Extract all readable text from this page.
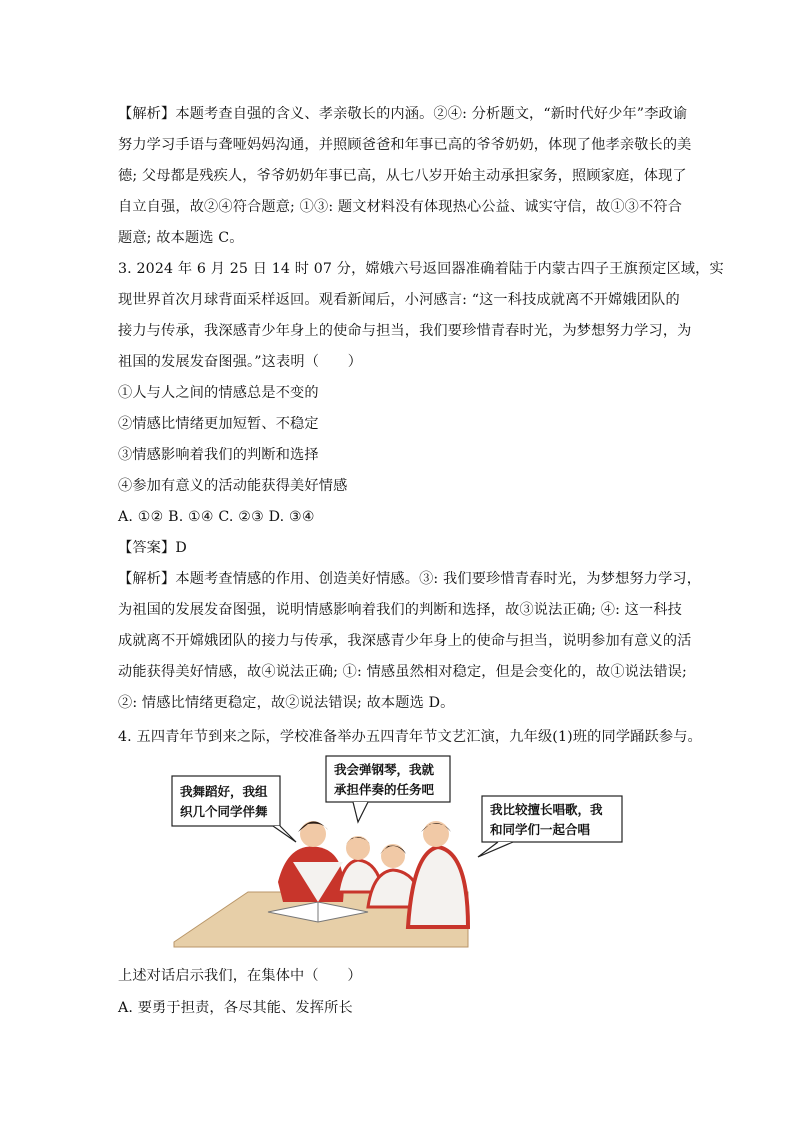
【解析】本题考查自强的含义、孝亲敬长的内涵。②④: 分析题文，“新时代好少年”李政谕
努力学习手语与聋哑妈妈沟通，并照顾爸爸和年事已高的爷爷奶奶，体现了他孝亲敬长的美
德; 父母都是残疾人，爷爷奶奶年事已高，从七八岁开始主动承担家务，照顾家庭，体现了
自立自强，故②④符合题意; ①③: 题文材料没有体现热心公益、诚实守信，故①③不符合
题意; 故本题选 C。
3. 2024 年 6 月 25 日 14 时 07 分，嫦娥六号返回器准确着陆于内蒙古四子王旗预定区域，实
现世界首次月球背面采样返回。观看新闻后，小河感言: “这一科技成就离不开嫦娥团队的
接力与传承，我深感青少年身上的使命与担当，我们要珍惜青春时光，为梦想努力学习，为
祖国的发展发奋图强。”这表明（　　）
①人与人之间的情感总是不变的
②情感比情绪更加短暂、不稳定
③情感影响着我们的判断和选择
④参加有意义的活动能获得美好情感
A. ①② B. ①④ C. ②③ D. ③④
【答案】D
【解析】本题考查情感的作用、创造美好情感。③: 我们要珍惜青春时光，为梦想努力学习，
为祖国的发展发奋图强，说明情感影响着我们的判断和选择，故③说法正确; ④: 这一科技
成就离不开嫦娥团队的接力与传承，我深感青少年身上的使命与担当，说明参加有意义的活
动能获得美好情感，故④说法正确; ①: 情感虽然相对稳定，但是会变化的，故①说法错误;
②: 情感比情绪更稳定，故②说法错误; 故本题选 D。
4. 五四青年节到来之际，学校准备举办五四青年节文艺汇演，九年级(1)班的同学踊跃参与。
上述对话启示我们，在集体中（　　）
A. 要勇于担责，各尽其能、发挥所长
我舞蹈好，我组
织几个同学伴舞
我会弹钢琴，我就
承担伴奏的任务吧
我比较擅长唱歌，我
和同学们一起合唱
